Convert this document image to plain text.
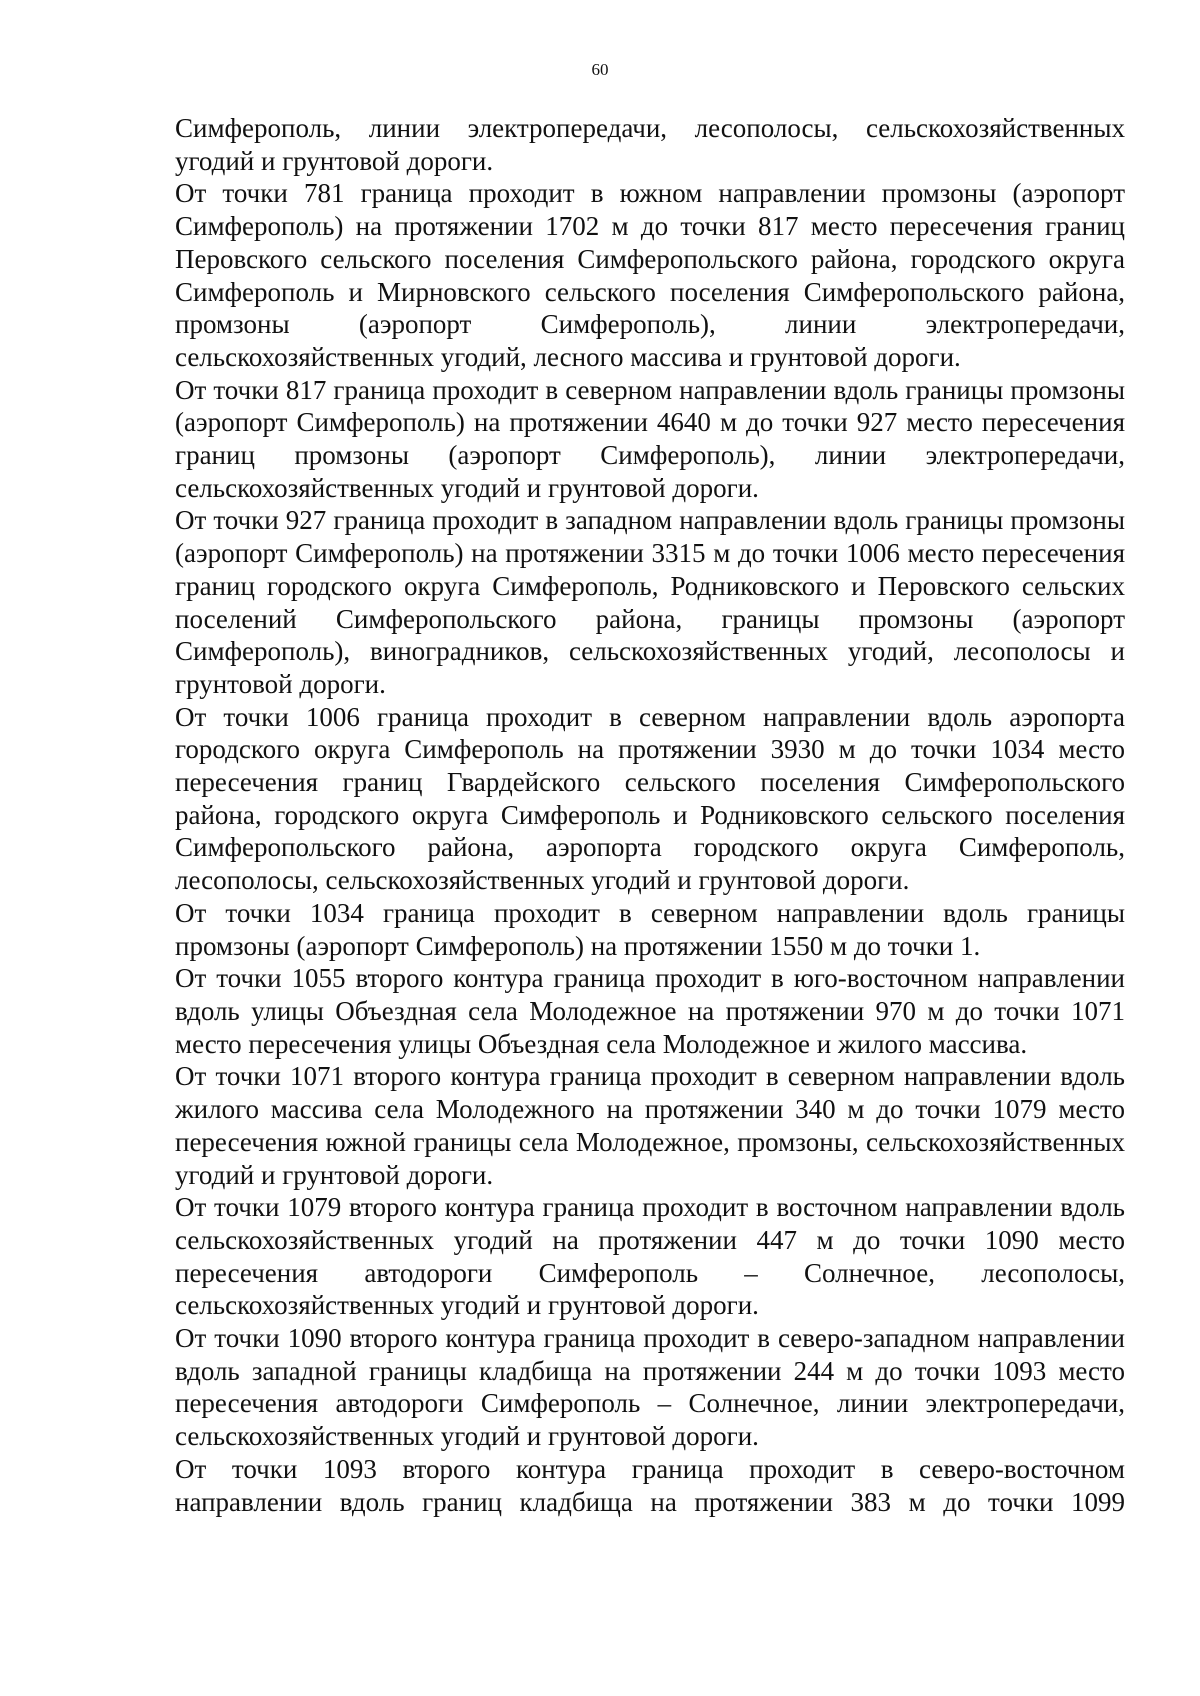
60

Симферополь, линии электропередачи, лесополосы, сельскохозяйственных угодий и грунтовой дороги.

От точки 781 граница проходит в южном направлении промзоны (аэропорт Симферополь) на протяжении 1702 м до точки 817 место пересечения границ Перовского сельского поселения Симферопольского района, городского округа Симферополь и Мирновского сельского поселения Симферопольского района, промзоны (аэропорт Симферополь), линии электропередачи, сельскохозяйственных угодий, лесного массива и грунтовой дороги.

От точки 817 граница проходит в северном направлении вдоль границы промзоны (аэропорт Симферополь) на протяжении 4640 м до точки 927 место пересечения границ промзоны (аэропорт Симферополь), линии электропередачи, сельскохозяйственных угодий и грунтовой дороги.

От точки 927 граница проходит в западном направлении вдоль границы промзоны (аэропорт Симферополь) на протяжении 3315 м до точки 1006 место пересечения границ городского округа Симферополь, Родниковского и Перовского сельских поселений Симферопольского района, границы промзоны (аэропорт Симферополь), виноградников, сельскохозяйственных угодий, лесополосы и грунтовой дороги.

От точки 1006 граница проходит в северном направлении вдоль аэропорта городского округа Симферополь на протяжении 3930 м до точки 1034 место пересечения границ Гвардейского сельского поселения Симферопольского района, городского округа Симферополь и Родниковского сельского поселения Симферопольского района, аэропорта городского округа Симферополь, лесополосы, сельскохозяйственных угодий и грунтовой дороги.

От точки 1034 граница проходит в северном направлении вдоль границы промзоны (аэропорт Симферополь) на протяжении 1550 м до точки 1.

От точки 1055 второго контура граница проходит в юго-восточном направлении вдоль улицы Объездная села Молодежное на протяжении 970 м до точки 1071 место пересечения улицы Объездная села Молодежное и жилого массива.

От точки 1071 второго контура граница проходит в северном направлении вдоль жилого массива села Молодежного на протяжении 340 м до точки 1079 место пересечения южной границы села Молодежное, промзоны, сельскохозяйственных угодий и грунтовой дороги.

От точки 1079 второго контура граница проходит в восточном направлении вдоль сельскохозяйственных угодий на протяжении 447 м до точки 1090 место пересечения автодороги Симферополь – Солнечное, лесополосы, сельскохозяйственных угодий и грунтовой дороги.

От точки 1090 второго контура граница проходит в северо-западном направлении вдоль западной границы кладбища на протяжении 244 м до точки 1093 место пересечения автодороги Симферополь – Солнечное, линии электропередачи, сельскохозяйственных угодий и грунтовой дороги.

От точки 1093 второго контура граница проходит в северо-восточном направлении вдоль границ кладбища на протяжении 383 м до точки 1099
